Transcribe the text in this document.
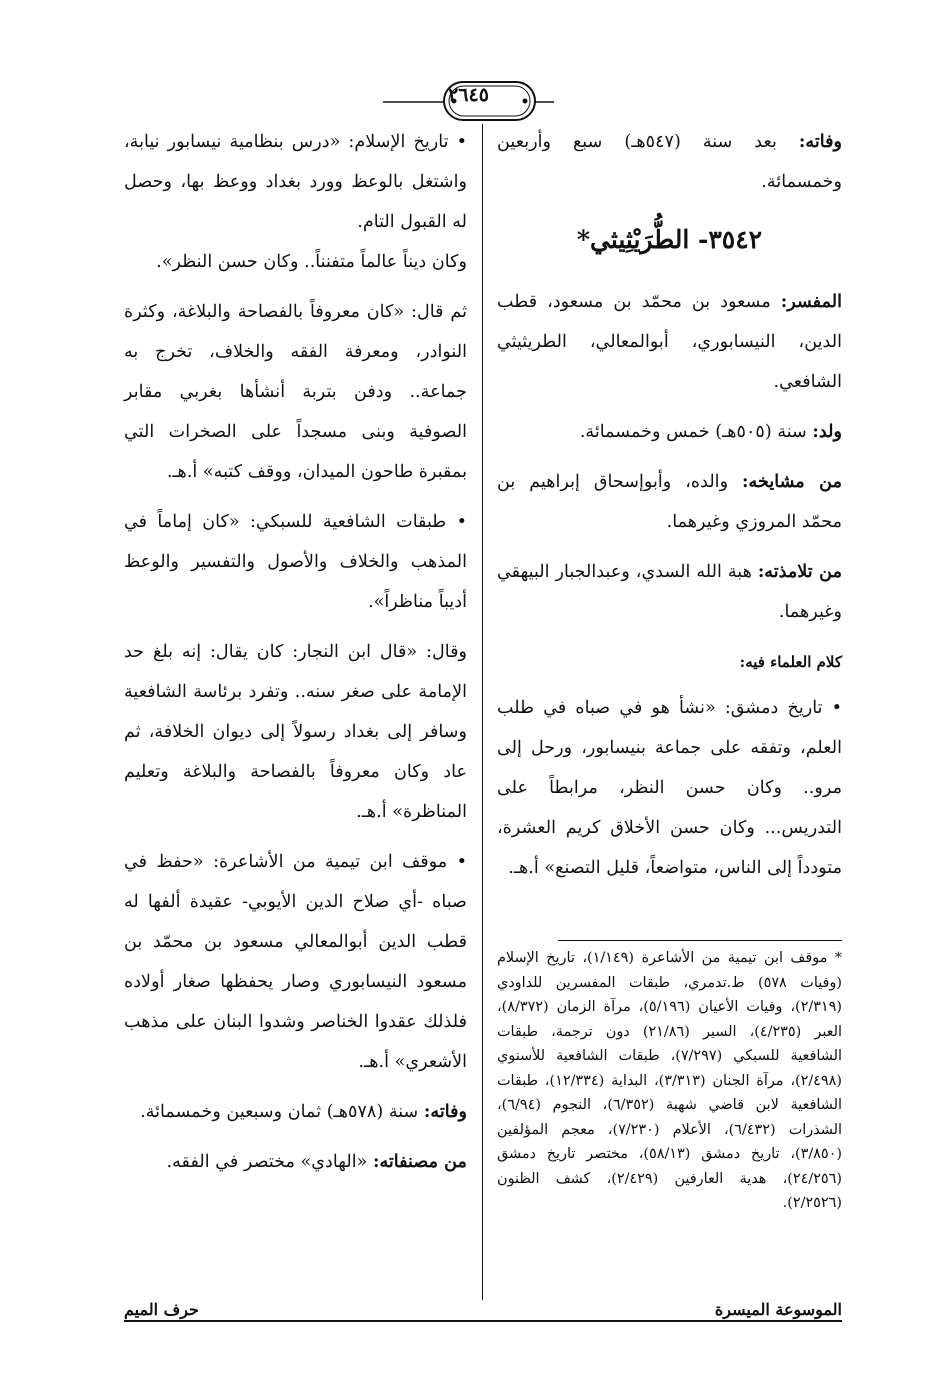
٢٦٤٥

وفاته: بعد سنة (٥٤٧هـ) سبع وأربعين وخمسمائة.

٣٥٤٢- الطُّرَيْثِيثي*

المفسر: مسعود بن محمّد بن مسعود، قطب الدين، النيسابوري، أبوالمعالي، الطريثيثي الشافعي.

ولد: سنة (٥٠٥هـ) خمس وخمسمائة.

من مشايخه: والده، وأبوإسحاق إبراهيم بن محمّد المروزي وغيرهما.

من تلامذته: هبة الله السدي، وعبدالجبار البيهقي وغيرهما.

كلام العلماء فيه:

• تاريخ دمشق: «نشأ هو في صباه في طلب العلم، وتفقه على جماعة بنيسابور، ورحل إلى مرو.. وكان حسن النظر، مرابطاً على التدريس... وكان حسن الأخلاق كريم العشرة، متودداً إلى الناس، متواضعاً، قليل التصنع» أ.هـ.

* موقف ابن تيمية من الأشاعرة (١/١٤٩)، تاريخ الإسلام (وفيات ٥٧٨) ط.تدمري، طبقات المفسرين للداودي (٢/٣١٩)، وفيات الأعيان (٥/١٩٦)، مرآة الزمان (٨/٣٧٢)، العبر (٤/٢٣٥)، السير (٢١/٨٦) دون ترجمة، طبقات الشافعية للسبكي (٧/٢٩٧)، طبقات الشافعية للأسنوي (٢/٤٩٨)، مرآة الجنان (٣/٣١٣)، البداية (١٢/٣٣٤)، طبقات الشافعية لابن قاضي شهبة (٦/٣٥٢)، النجوم (٦/٩٤)، الشذرات (٦/٤٣٢)، الأعلام (٧/٢٣٠)، معجم المؤلفين (٣/٨٥٠)، تاريخ دمشق (٥٨/١٣)، مختصر تاريخ دمشق (٢٤/٢٥٦)، هدية العارفين (٢/٤٢٩)، كشف الظنون (٢/٢٥٢٦).

• تاريخ الإسلام: «درس بنظامية نيسابور نيابة، واشتغل بالوعظ وورد بغداد ووعظ بها، وحصل له القبول التام.

وكان ديناً عالماً متفنناً.. وكان حسن النظر».

ثم قال: «كان معروفاً بالفصاحة والبلاغة، وكثرة النوادر، ومعرفة الفقه والخلاف، تخرج به جماعة.. ودفن بتربة أنشأها بغربي مقابر الصوفية وبنى مسجداً على الصخرات التي بمقبرة طاحون الميدان، ووقف كتبه» أ.هـ.

• طبقات الشافعية للسبكي: «كان إماماً في المذهب والخلاف والأصول والتفسير والوعظ أديباً مناظراً».

وقال: «قال ابن النجار: كان يقال: إنه بلغ حد الإمامة على صغر سنه.. وتفرد برئاسة الشافعية وسافر إلى بغداد رسولاً إلى ديوان الخلافة، ثم عاد وكان معروفاً بالفصاحة والبلاغة وتعليم المناظرة» أ.هـ.

• موقف ابن تيمية من الأشاعرة: «حفظ في صباه -أي صلاح الدين الأيوبي- عقيدة ألفها له قطب الدين أبوالمعالي مسعود بن محمّد بن مسعود النيسابوري وصار يحفظها صغار أولاده فلذلك عقدوا الخناصر وشدوا البنان على مذهب الأشعري» أ.هـ.

وفاته: سنة (٥٧٨هـ) ثمان وسبعين وخمسمائة.

من مصنفاته: «الهادي» مختصر في الفقه.

الموسوعة الميسرة
حرف الميم
